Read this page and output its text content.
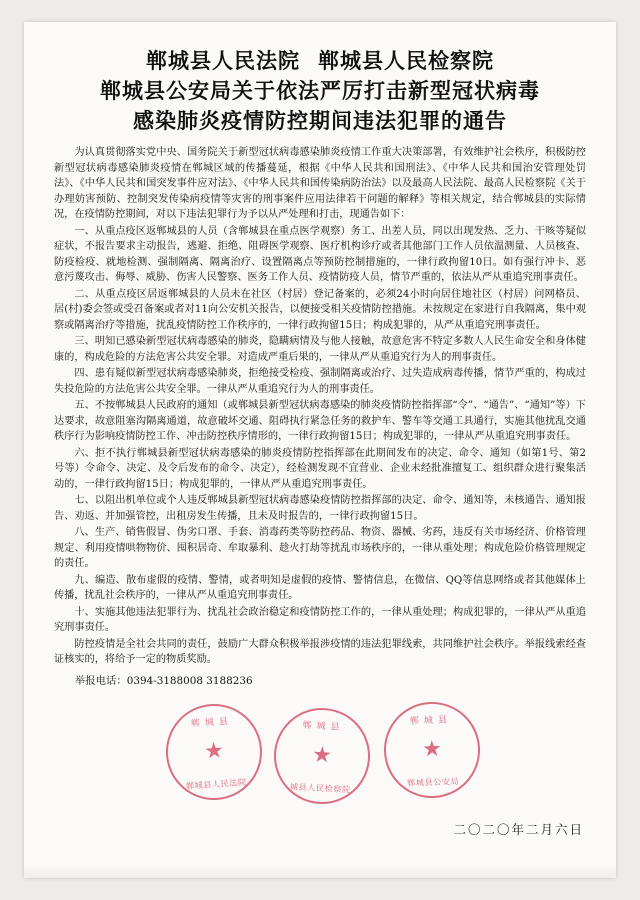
郸城县人民法院 郸城县人民检察院
郸城县公安局关于依法严厉打击新型冠状病毒
感染肺炎疫情防控期间违法犯罪的通告

为认真贯彻落实党中央、国务院关于新型冠状病毒感染肺炎疫情工作重大决策部署，有效维护社会秩序，积极防控新型冠状病毒感染肺炎疫情在郸城区域的传播蔓延，根据《中华人民共和国刑法》、《中华人民共和国治安管理处罚法》、《中华人民共和国突发事件应对法》、《中华人民共和国传染病防治法》以及最高人民法院、最高人民检察院《关于办理妨害预防、控制突发传染病疫情等灾害的刑事案件应用法律若干问题的解释》等相关规定，结合郸城县的实际情况，在疫情防控期间，对以下违法犯罪行为予以从严处理和打击，现通告如下：

一、从重点疫区返郸城县的人员（含郸城县在重点医学观察）务工、出差人员，同以出现发热、乏力、干咳等疑似症状，不报告要求主动报告，逃避、拒绝、阻碍医学观察、医疗机构诊疗或者其他部门工作人员依温测量、人员核查、防疫检疫、就地检测、强制隔离、隔离治疗、设置隔离点等预防控制措施的，一律行政拘留10日。如有强行冲卡、恶意污蔑攻击、侮辱、威胁、伤害人民警察、医务工作人员、疫情防疫人员，情节严重的，依法从严从重追究刑事责任。

二、从重点疫区居返郸城县的人员未在社区（村居）登记备案的，必须24小时向居住地社区（村居）问网格员、居(村)委会签或受召备案或者对11向公安机关报告，以便接受相关疫情防控措施。未按规定在家进行自我隔离，集中观察或隔离治疗等措施，扰乱疫情防控工作秩序的，一律行政拘留15日；构成犯罪的，从严从重追究刑事责任。

三、明知已感染新型冠状病毒感染的肺炎，隐瞒病情及与他人接触，故意危害不特定多数人人民生命安全和身体健康的，构成危险的方法危害公共安全罪。对造成严重后果的，一律从严从重追究行为人的刑事责任。

四、患有疑似新型冠状病毒感染肺炎，拒绝接受检疫、强制隔离或治疗、过失造成病毒传播，情节严重的，构成过失投危险的方法危害公共安全罪。一律从严从重追究行为人的刑事责任。

五、不按郸城县人民政府的通知（或郸城县新型冠状病毒感染的肺炎疫情防控指挥部“令”、“通告”、“通知”等）下达要求，故意阻塞沟隔离通道，故意破坏交通、阻碍执行紧急任务的救护车、警车等交通工具通行，实施其他扰乱交通秩序行为影响疫情防控工作、冲击防控秩序情形的，一律行政拘留15日；构成犯罪的，一律从严从重追究刑事责任。

六、拒不执行郸城县新型冠状病毒感染的肺炎疫情防控指挥部在此期间发布的决定、命令、通知（如第1号、第2号等）令命令、决定、及令后发布的命令、决定），经检测发现不宜营业、企业未经批准擅复工、组织群众进行聚集活动的，一律行政拘留15日；构成犯罪的，一律从严从重追究刑事责任。

七、以阻出机单位或个人违反郸城县新型冠状病毒感染疫情防控指挥部的决定、命令、通知等，未核通告、通知报告、劝返、并加强管控，出租房发生传播，且未及时报告的，一律行政拘留15日。

八、生产、销售假冒、伪劣口罩、手套、消毒药类等防控药品、物资、器械、劣药，违反有关市场经济、价格管理规定、利用疫情哄物物价、囤积居奇、牟取暴利、趁火打劫等扰乱市场秩序的，一律从重处理；构成危险价格管理规定的责任。

九、编造、散布虚假的疫情、警情，或者明知是虚假的疫情、警情信息，在微信、QQ等信息网络或者其他媒体上传播，扰乱社会秩序的，一律从严从重追究刑事责任。

十、实施其他违法犯罪行为、扰乱社会政治稳定和疫情防控工作的，一律从重处理；构成犯罪的，一律从严从重追究刑事责任。

防控疫情是全社会共同的责任，鼓励广大群众积极举报涉疫情的违法犯罪线索，共同维护社会秩序。举报线索经查证核实的，将给予一定的物质奖励。

举报电话：0394-3188008 3188236
郸城县
★
郸城县人民法院
郸城县
★
城县人民检察院
郸城县
★
郸城县公安局
二〇二〇年二月六日
